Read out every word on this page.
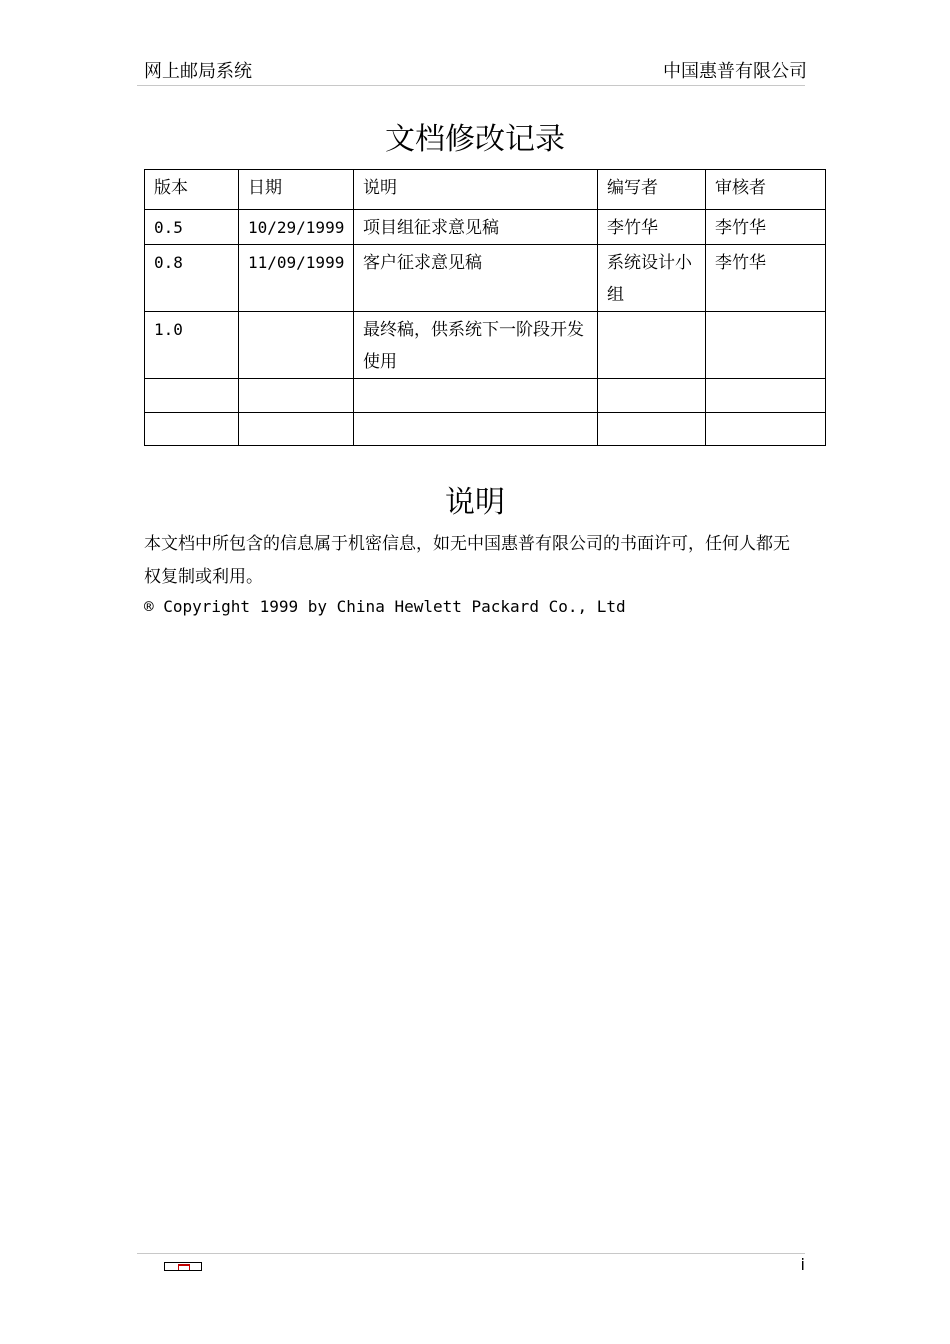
网上邮局系统	中国惠普有限公司
文档修改记录
版本	日期	说明	编写者	审核者
0.5	10/29/1999	项目组征求意见稿	李竹华	李竹华
0.8	11/09/1999	客户征求意见稿	系统设计小组	李竹华
1.0		最终稿，供系统下一阶段开发使用		

说明
本文档中所包含的信息属于机密信息，如无中国惠普有限公司的书面许可，任何人都无权复制或利用。
® Copyright 1999 by China Hewlett Packard Co., Ltd
i
